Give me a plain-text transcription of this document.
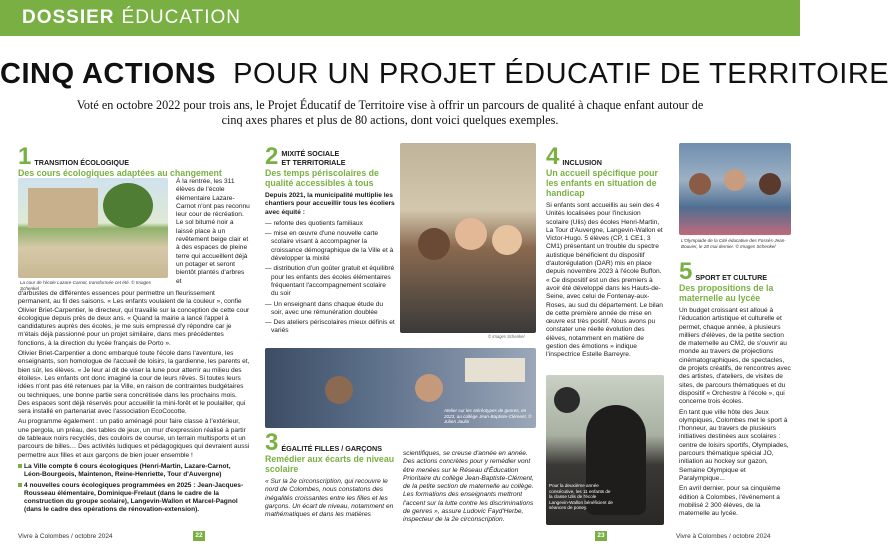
DOSSIER ÉDUCATION
CINQ ACTIONS POUR UN PROJET ÉDUCATIF DE TERRITOIRE
Voté en octobre 2022 pour trois ans, le Projet Éducatif de Territoire vise à offrir un parcours de qualité à chaque enfant autour de cinq axes phares et plus de 80 actions, dont voici quelques exemples.
1 TRANSITION ÉCOLOGIQUE
Des cours écologiques adaptées au changement
La cour de l'école Lazare-Carnot, transformée cet été. © Images Schenkel
À la rentrée, les 311 élèves de l'école élémentaire Lazare-Carnot n'ont pas reconnu leur cour de récréation. Le sol bitumé noir a laissé place à un revêtement beige clair et à des espaces de pleine terre qui accueillent déjà un potager et seront bientôt plantés d'arbres et

d'arbustes de différentes essences pour permettre un fleurissement permanent, au fil des saisons. « Les enfants voulaient de la couleur », confie Olivier Briet-Carpentier, le directeur, qui travaille sur la conception de cette cour écologique depuis près de deux ans. « Quand la mairie a lancé l'appel à candidatures auprès des écoles, je me suis empressé d'y répondre car je m'étais déjà passionné pour un projet similaire, dans mes précédentes fonctions, à la direction du lycée français de Porto ».

Olivier Briet-Carpentier a donc embarqué toute l'école dans l'aventure, les enseignants, son homologue de l'accueil de loisirs, la gardienne, les parents et, bien sûr, les élèves. « Je leur ai dit de viser la lune pour atterrir au milieu des étoiles». Les enfants ont donc imaginé la cour de leurs rêves. Si toutes leurs idées n'ont pas été retenues par la Ville, en raison de contraintes budgétaires ou techniques, une bonne partie sera concrétisée dans les prochains mois. Des espaces sont déjà réservés pour accueillir la mini-forêt et le poulailler, qui sera installé en partenariat avec l'association EcoCocotte.

Au programme également : un patio aménagé pour faire classe à l'extérieur, une pergola, un préau, des tables de jeux, un mur d'expression réalisé à partir de tableaux noirs recyclés, des couloirs de course, un terrain multisports et un parcours de billes… Des activités ludiques et pédagogiques qui devraient aussi permettre aux filles et aux garçons de bien jouer ensemble !

La Ville compte 6 cours écologiques (Henri-Martin, Lazare-Carnot, Léon-Bourgeois, Maintenon, Reine-Henriette, Tour d'Auvergne)
4 nouvelles cours écologiques programmées en 2025 : Jean-Jacques-Rousseau élémentaire, Dominique-Frelaut (dans le cadre de la construction du groupe scolaire), Langevin-Wallon et Marcel-Pagnol (dans le cadre des opérations de rénovation-extension).
2 MIXITÉ SOCIALE
ET TERRITORIALE
Des temps périscolaires de qualité accessibles à tous

Depuis 2021, la municipalité multiplie les chantiers pour accueillir tous les écoliers avec équité :

— refonte des quotients familiaux
— mise en œuvre d'une nouvelle carte scolaire visant à accompagner la croissance démographique de la Ville et à développer la mixité
— distribution d'un goûter gratuit et équilibré pour les enfants des écoles élémentaires fréquentant l'accompagnement scolaire du soir
— Un enseignant dans chaque étude du soir, avec une rémunération doublée
— Des ateliers périscolaires mieux définis et variés
© Images Schenkel
Atelier sur les stéréotypes de genres, en 2023, au collège Jean-Baptiste-Clément. © Julien Jaulin
3 ÉGALITÉ FILLES / GARÇONS
Remédier aux écarts de niveau scolaire

« Sur la 2e circonscription, qui recouvre le nord de Colombes, nous constatons des inégalités croissantes entre les filles et les garçons. Un écart de niveau, notamment en mathématiques et dans les matières

scientifiques, se creuse d'année en année. Des actions concrètes pour y remédier vont être menées sur le Réseau d'Éducation Prioritaire du collège Jean-Baptiste-Clément, de la petite section de maternelle au collège. Les formations des enseignants mettront l'accent sur la lutte contre les discriminations de genres », assure Ludovic Fayd'Herbe, inspecteur de la 2e circonscription.
4 INCLUSION
Un accueil spécifique pour les enfants en situation de handicap

Si enfants sont accueillis au sein des 4 Unités localisées pour l'inclusion scolaire (Ulis) des écoles Henri-Martin, La Tour d'Auvergne, Langevin-Wallon et Victor-Hugo. 5 élèves (CP, 1 CE1, 3 CM1) présentant un trouble du spectre autistique bénéficient du dispositif d'autorégulation (DAR) mis en place depuis novembre 2023 à l'école Buffon. « Ce dispositif est un des premiers à avoir été développé dans les Hauts-de-Seine, avec celui de Fontenay-aux-Roses, au sud du département. Le bilan de cette première année de mise en œuvre est très positif. Nous avons pu constater une réelle évolution des élèves, notamment en matière de gestion des émotions » indique l'inspectrice Estelle Barreyre.

Pour la deuxième année consécutive, les 11 enfants de la classe Ulis de l'école Langevin-Wallon bénéficient de séances de poney.
L'Olympiade de la Cité éducative des Fossés-Jean-Bouvier, le 28 mai dernier. © Images Schenkel
5 SPORT ET CULTURE
Des propositions de la maternelle au lycée

Un budget croissant est alloué à l'éducation artistique et culturelle et permet, chaque année, à plusieurs milliers d'élèves, de la petite section de maternelle au CM2, de s'ouvrir au monde au travers de projections cinématographiques, de spectacles, de projets créatifs, de rencontres avec des artistes, d'ateliers, de visites de sites, de parcours thématiques et du dispositif « Orchestre à l'école », qui concerne trois écoles.

En tant que ville hôte des Jeux olympiques, Colombes met le sport à l'honneur, au travers de plusieurs initiatives destinées aux scolaires : centre de loisirs sportifs, Olympiades, parcours thématique spécial JO, initiation au hockey sur gazon, Semaine Olympique et Paralympique...

En avril dernier, pour sa cinquième édition à Colombes, l'événement a mobilisé 2 300 élèves, de la maternelle au lycée.

Vivre à Colombes / octobre 2024	22	23	Vivre à Colombes / octobre 2024
